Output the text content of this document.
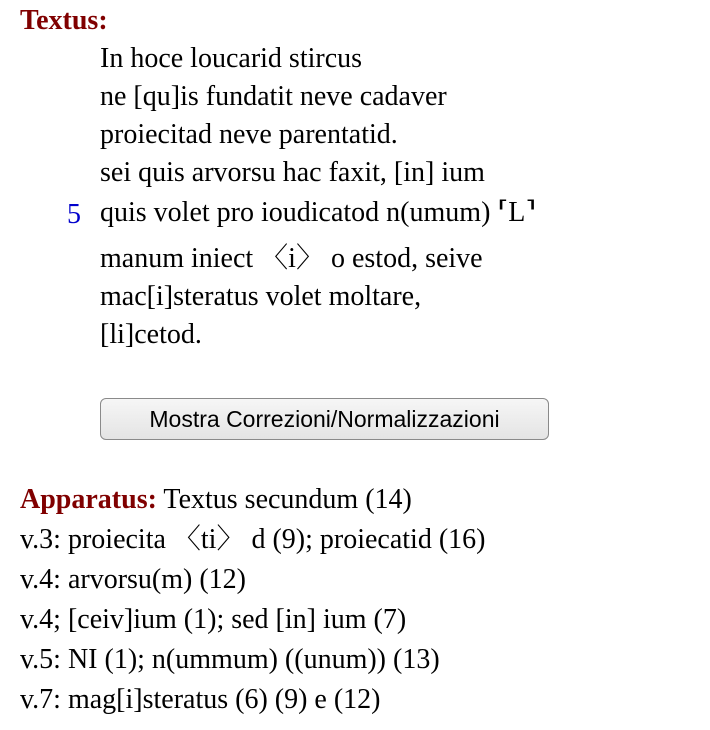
Textus:
In hoce loucarid stircus
ne [qu]is fundatit neve cadaver
proiecitad neve parentatid.
sei quis arvorsu hac faxit, [in] ium
5 quis volet pro ioudicatod n(umum) ⸢L⸣
manum iniect 〈i〉 o estod, seive
mac[i]steratus volet moltare,
[li]cetod.
Mostra Correzioni/Normalizzazioni
Apparatus: Textus secundum (14)
v.3: proiecita 〈ti〉 d (9); proiecatid (16)
v.4: arvorsu(m) (12)
v.4; [ceiv]ium (1); sed [in] ium (7)
v.5: NI (1); n(ummum) ((unum)) (13)
v.7: mag[i]steratus (6) (9) e (12)
